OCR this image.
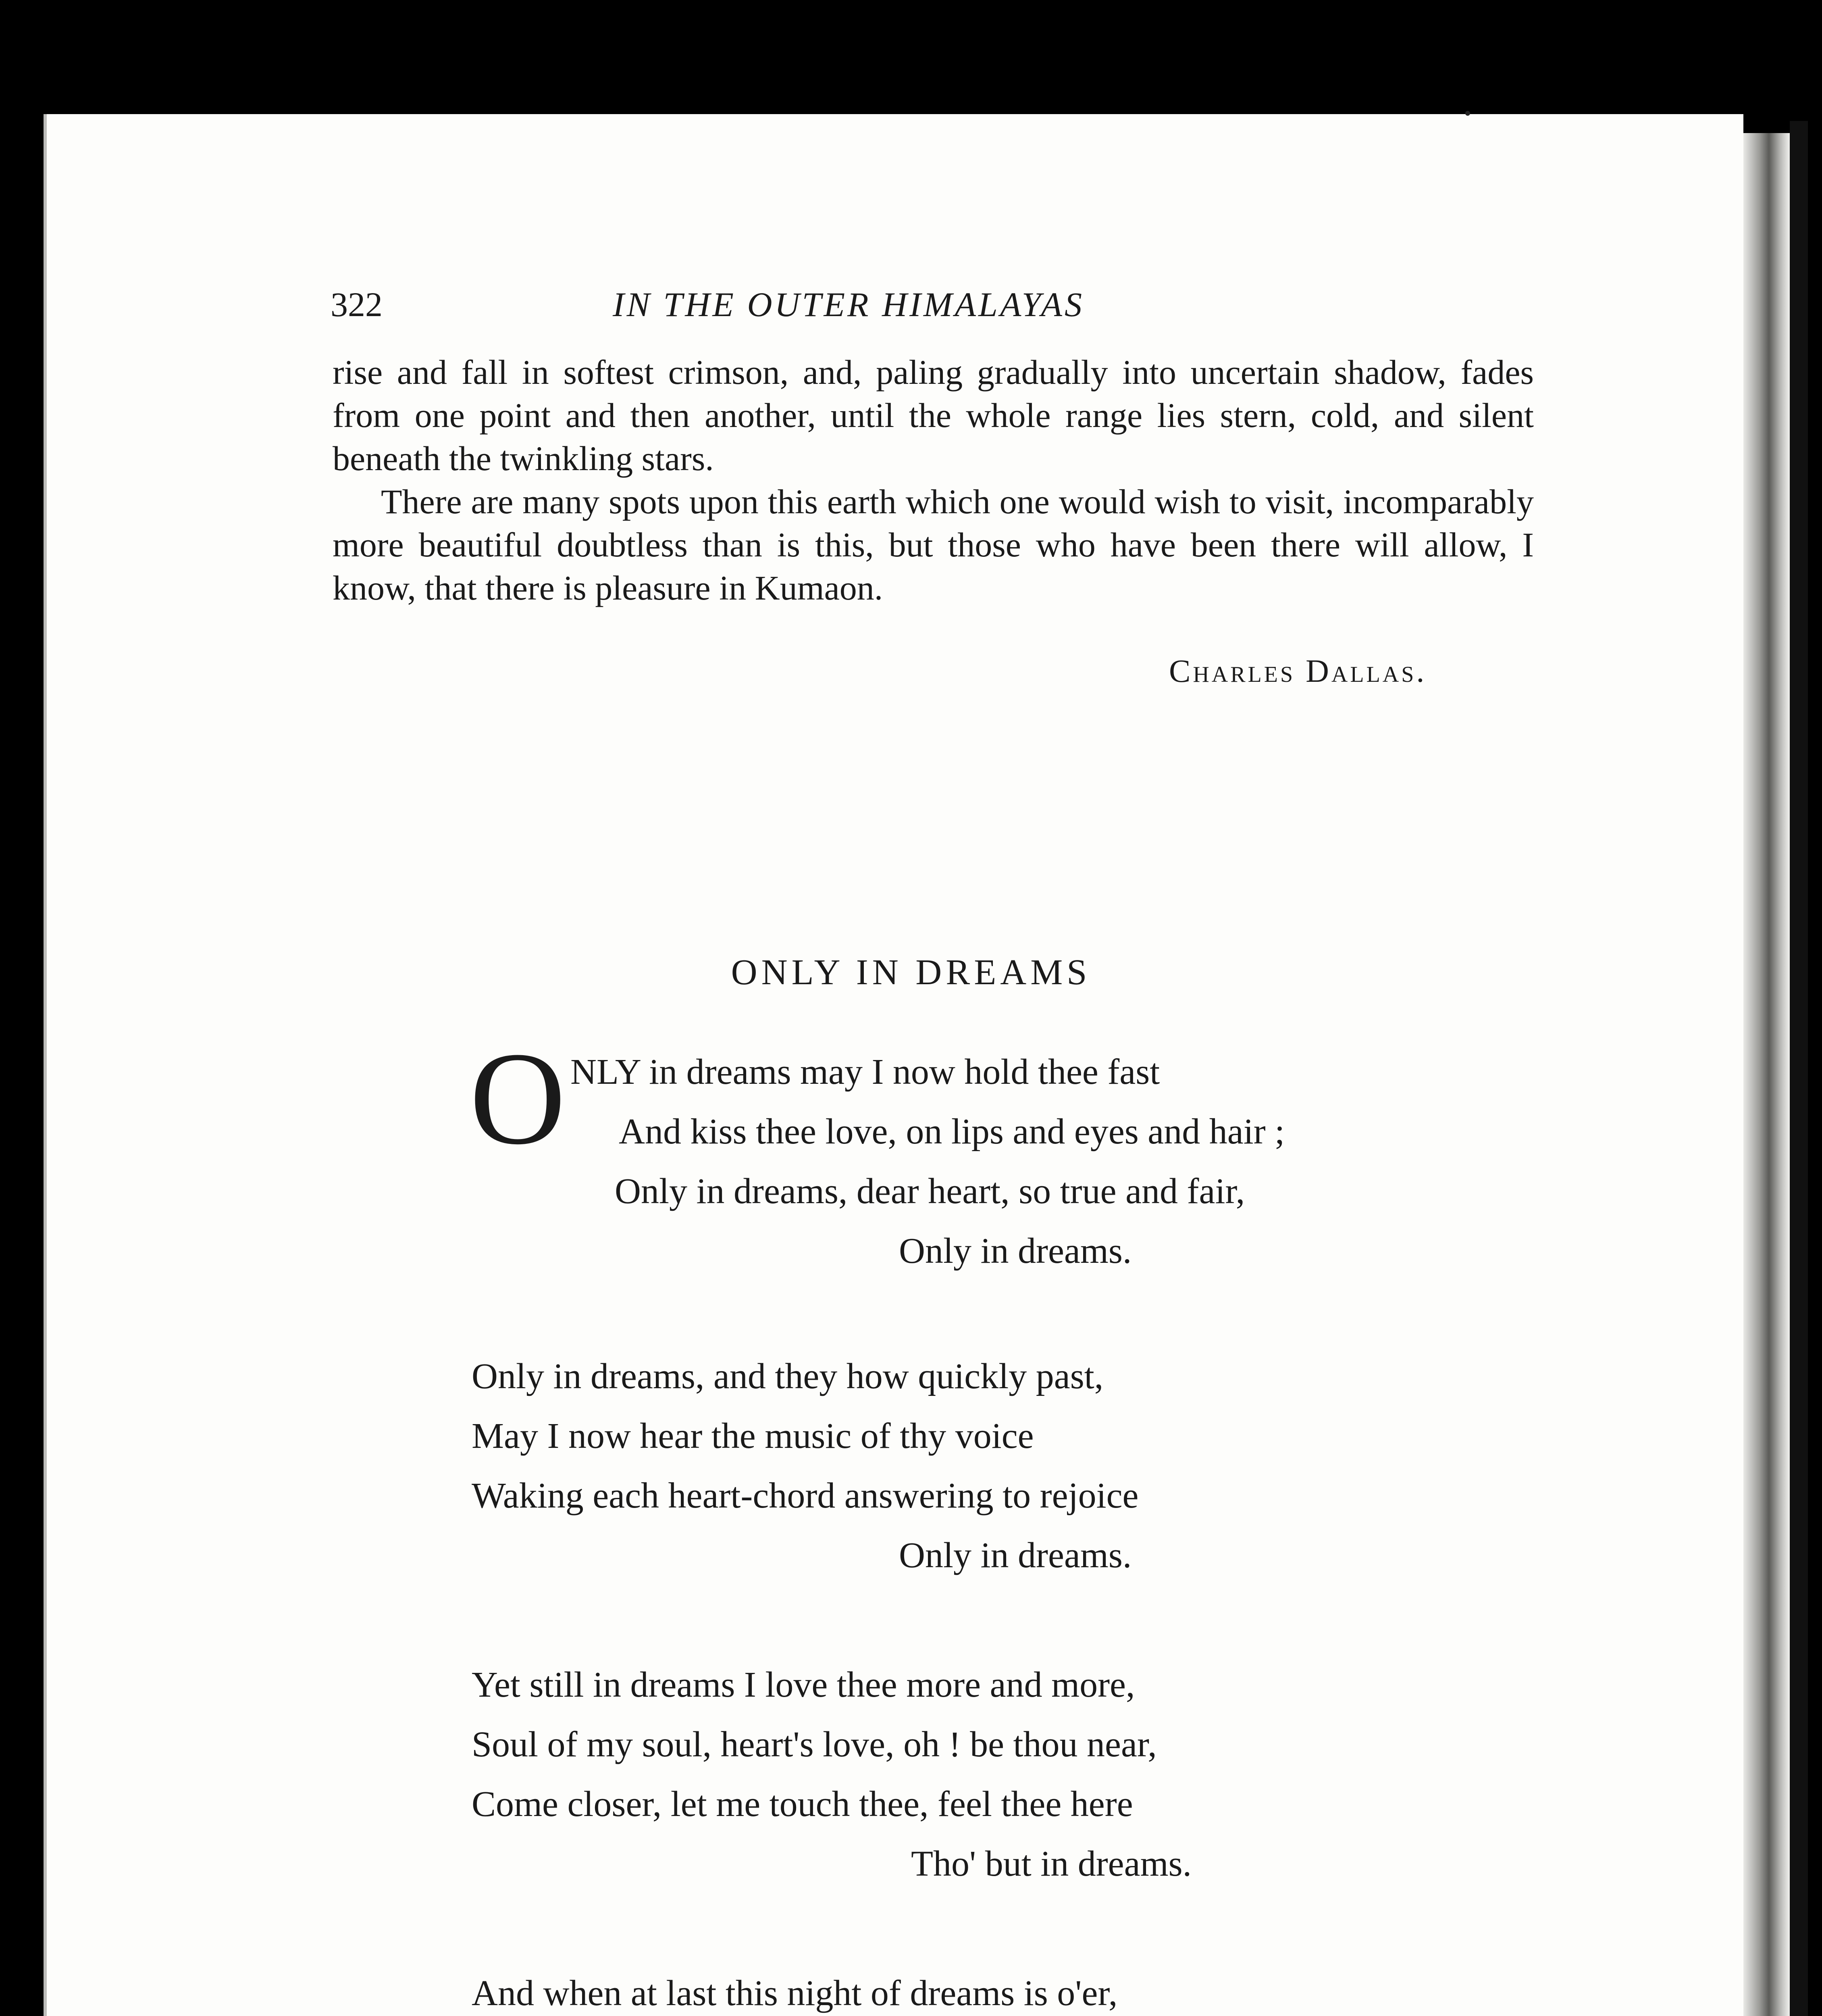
322	IN THE OUTER HIMALAYAS

rise and fall in softest crimson, and, paling gradually into uncertain shadow, fades from one point and then another, until the whole range lies stern, cold, and silent beneath the twinkling stars.

There are many spots upon this earth which one would wish to visit, incomparably more beautiful doubtless than is this, but those who have been there will allow, I know, that there is pleasure in Kumaon.

Charles Dallas.
ONLY IN DREAMS
O NLY in dreams may I now hold thee fast
And kiss thee love, on lips and eyes and hair ;
Only in dreams, dear heart, so true and fair,
Only in dreams.
Only in dreams, and they how quickly past,
May I now hear the music of thy voice
Waking each heart-chord answering to rejoice
Only in dreams.
Yet still in dreams I love thee more and more,
Soul of my soul, heart's love, oh ! be thou near,
Come closer, let me touch thee, feel thee here
Tho' but in dreams.
And when at last this night of dreams is o'er,
